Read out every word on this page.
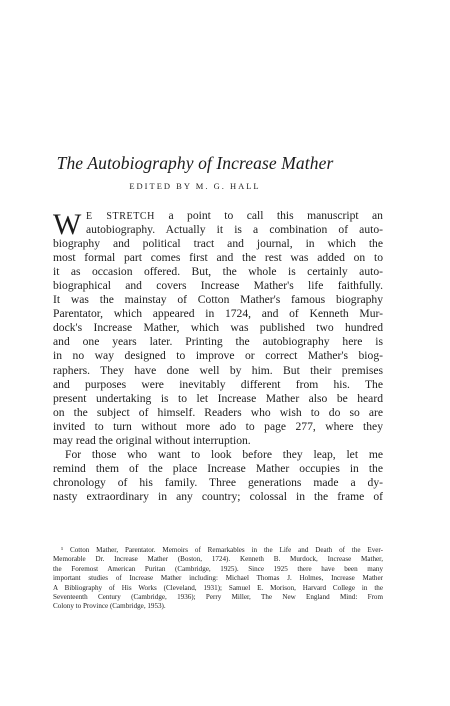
The Autobiography of Increase Mather
EDITED BY M. G. HALL
W E STRETCH a point to call this manuscript an
autobiography. Actually it is a combination of auto-
biography and political tract and journal, in which the
most formal part comes first and the rest was added on to
it as occasion offered. But, the whole is certainly auto-
biographical and covers Increase Mather's life faithfully.
It was the mainstay of Cotton Mather's famous biography
Parentator, which appeared in 1724, and of Kenneth Mur-
dock's Increase Mather, which was published two hundred
and one years later. Printing the autobiography here is
in no way designed to improve or correct Mather's biog-
raphers. They have done well by him. But their premises
and purposes were inevitably different from his. The
present undertaking is to let Increase Mather also be heard
on the subject of himself. Readers who wish to do so are
invited to turn without more ado to page 277, where they
may read the original without interruption.
For those who want to look before they leap, let me
remind them of the place Increase Mather occupies in the
chronology of his family. Three generations made a dy-
nasty extraordinary in any country; colossal in the frame of
¹ Cotton Mather, Parentator. Memoirs of Remarkables in the Life and Death of the Ever-
Memorable Dr. Increase Mather (Boston, 1724). Kenneth B. Murdock, Increase Mather,
the Foremost American Puritan (Cambridge, 1925). Since 1925 there have been many
important studies of Increase Mather including: Michael Thomas J. Holmes, Increase Mather
A Bibliography of His Works (Cleveland, 1931); Samuel E. Morison, Harvard College in the
Seventeenth Century (Cambridge, 1936); Perry Miller, The New England Mind: From
Colony to Province (Cambridge, 1953).
